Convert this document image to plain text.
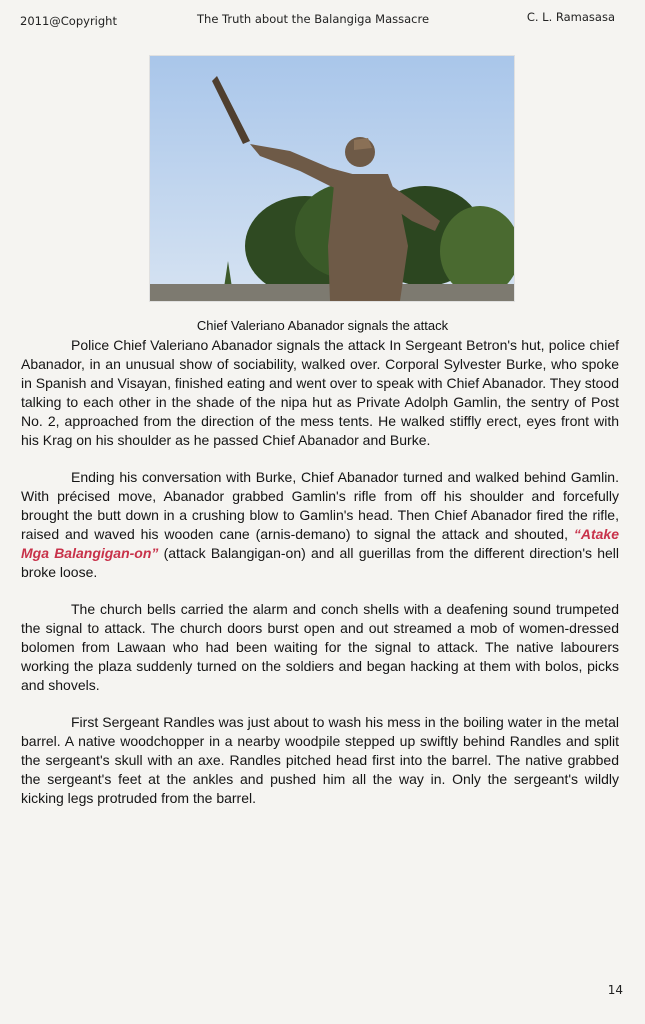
2011@Copyright	The Truth about the Balangiga Massacre	C. L. Ramasasa
Chief Valeriano Abanador signals the attack

Police Chief Valeriano Abanador signals the attack In Sergeant Betron's hut, police chief Abanador, in an unusual show of sociability, walked over. Corporal Sylvester Burke, who spoke in Spanish and Visayan, finished eating and went over to speak with Chief Abanador. They stood talking to each other in the shade of the nipa hut as Private Adolph Gamlin, the sentry of Post No. 2, approached from the direction of the mess tents. He walked stiffly erect, eyes front with his Krag on his shoulder as he passed Chief Abanador and Burke.

Ending his conversation with Burke, Chief Abanador turned and walked behind Gamlin. With précised move, Abanador grabbed Gamlin's rifle from off his shoulder and forcefully brought the butt down in a crushing blow to Gamlin's head. Then Chief Abanador fired the rifle, raised and waved his wooden cane (arnis-demano) to signal the attack and shouted, “Atake Mga Balangigan-on” (attack Balangigan-on) and all guerillas from the different direction's hell broke loose.

The church bells carried the alarm and conch shells with a deafening sound trumpeted the signal to attack. The church doors burst open and out streamed a mob of women-dressed bolomen from Lawaan who had been waiting for the signal to attack. The native labourers working the plaza suddenly turned on the soldiers and began hacking at them with bolos, picks and shovels.

First Sergeant Randles was just about to wash his mess in the boiling water in the metal barrel. A native woodchopper in a nearby woodpile stepped up swiftly behind Randles and split the sergeant's skull with an axe. Randles pitched head first into the barrel. The native grabbed the sergeant's feet at the ankles and pushed him all the way in. Only the sergeant's wildly kicking legs protruded from the barrel.

14
